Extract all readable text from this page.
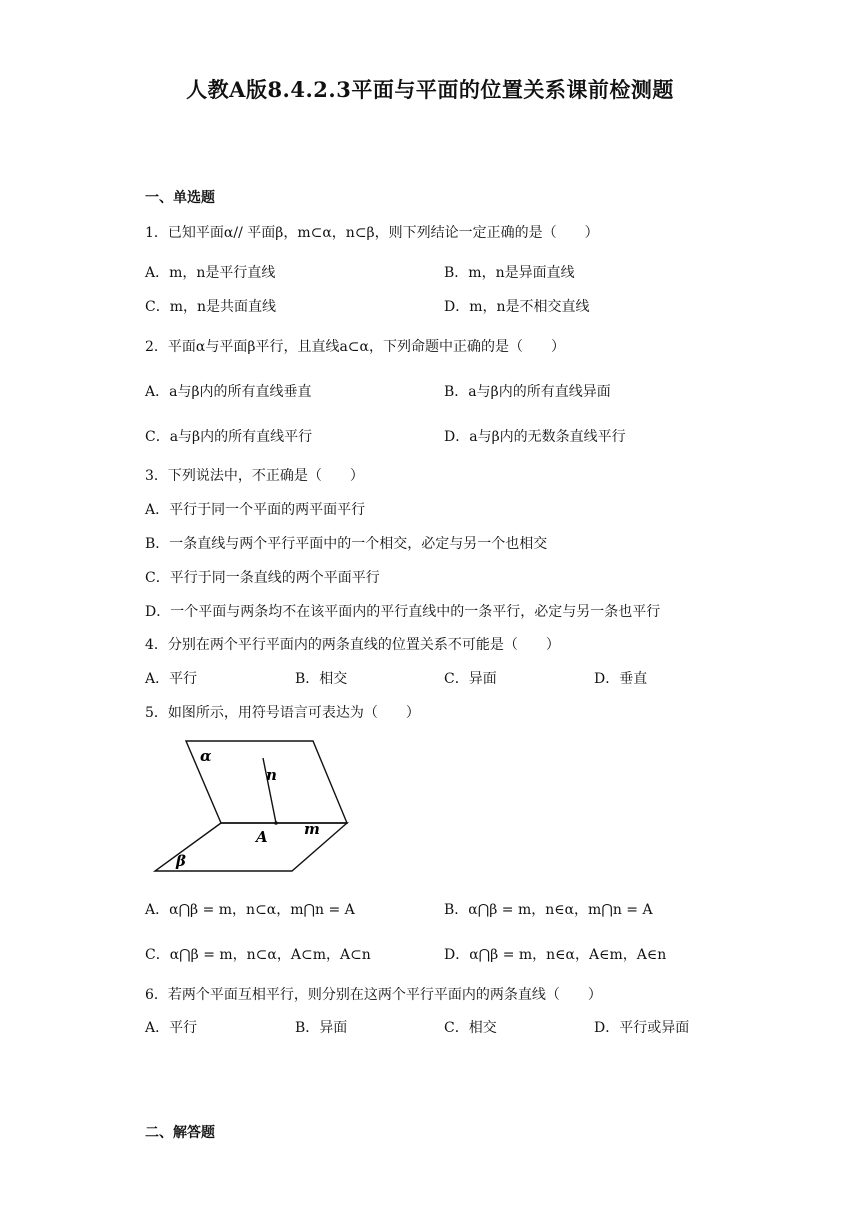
人教A版8.4.2.3平面与平面的位置关系课前检测题
一、单选题
1．已知平面α// 平面β，m⊂α，n⊂β，则下列结论一定正确的是（　　）
A．m，n是平行直线	B．m，n是异面直线
C．m，n是共面直线	D．m，n是不相交直线
2．平面α与平面β平行，且直线a⊂α，下列命题中正确的是（　　）
A．a与β内的所有直线垂直	B．a与β内的所有直线异面
C．a与β内的所有直线平行	D．a与β内的无数条直线平行
3．下列说法中，不正确是（　　）
A．平行于同一个平面的两平面平行
B．一条直线与两个平行平面中的一个相交，必定与另一个也相交
C．平行于同一条直线的两个平面平行
D．一个平面与两条均不在该平面内的平行直线中的一条平行，必定与另一条也平行
4．分别在两个平行平面内的两条直线的位置关系不可能是（　　）
A．平行	B．相交	C．异面	D．垂直
5．如图所示，用符号语言可表达为（　　）
α
n
A m
β
A．α⋂β = m，n⊂α，m⋂n = A	B．α⋂β = m，n∈α，m⋂n = A
C．α⋂β = m，n⊂α，A⊂m，A⊂n	D．α⋂β = m，n∈α，A∈m，A∈n
6．若两个平面互相平行，则分别在这两个平行平面内的两条直线（　　）
A．平行	B．异面	C．相交	D．平行或异面
二、解答题
